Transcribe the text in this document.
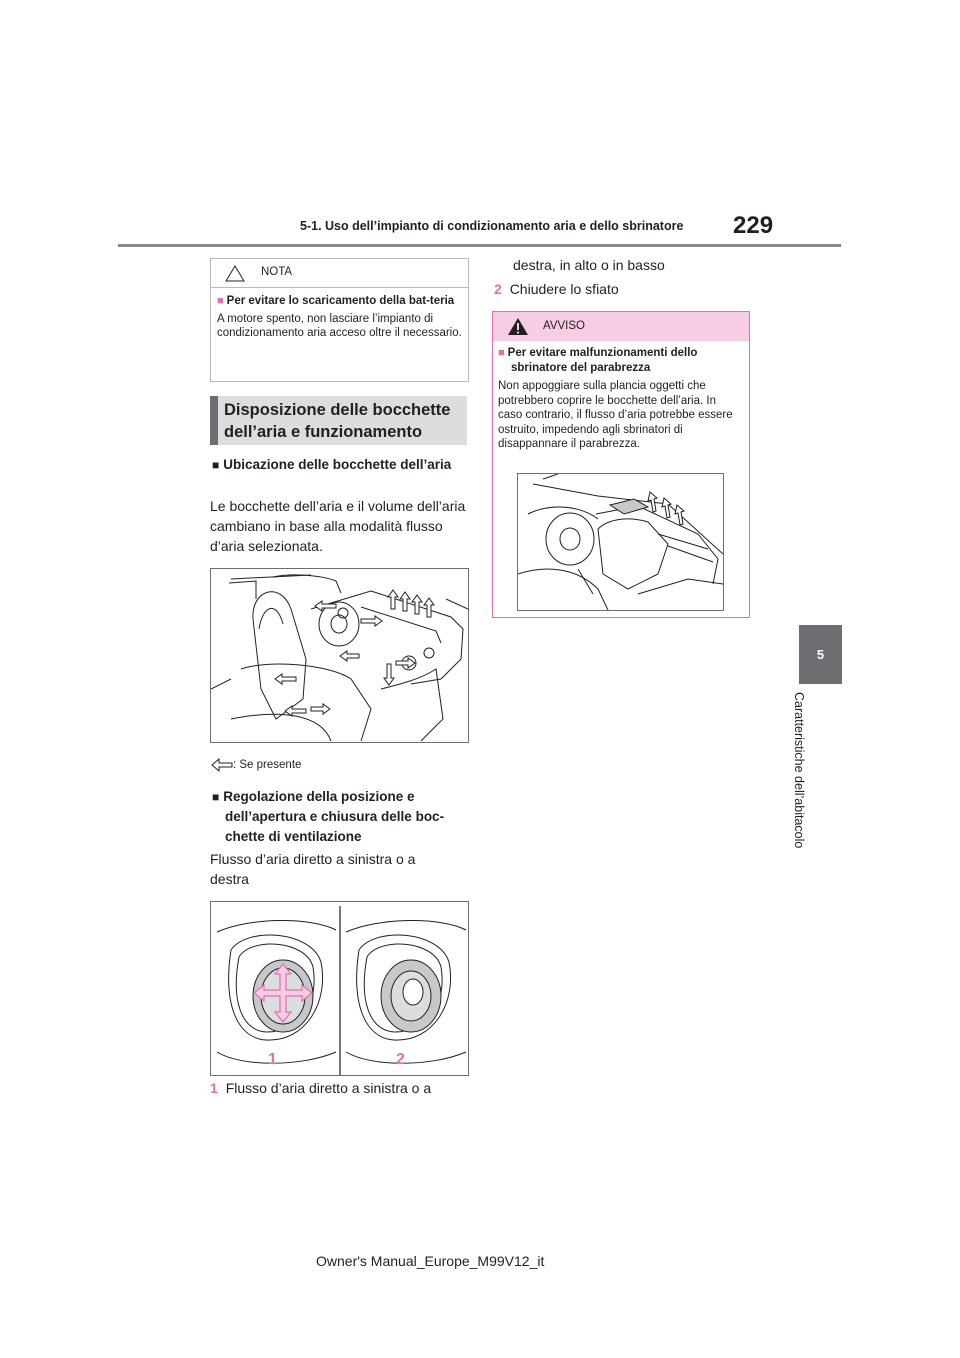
5-1. Uso dell’impianto di condizionamento aria e dello sbrinatore 229
5
Caratteristiche dell’abitacolo
NOTA
■ Per evitare lo scaricamento della bat-teria
A motore spento, non lasciare l’impianto di condizionamento aria acceso oltre il necessario.
Disposizione delle bocchette dell’aria e funzionamento
■ Ubicazione delle bocchette dell’aria
Le bocchette dell’aria e il volume dell’aria cambiano in base alla modalità flusso d’aria selezionata.
: Se presente
■ Regolazione della posizione e dell’apertura e chiusura delle boc-chette di ventilazione
Flusso d’aria diretto a sinistra o a destra
1	2
1 Flusso d’aria diretto a sinistra o a
destra, in alto o in basso
2 Chiudere lo sfiato
AVVISO
■ Per evitare malfunzionamenti dello sbrinatore del parabrezza
Non appoggiare sulla plancia oggetti che potrebbero coprire le bocchette dell’aria. In caso contrario, il flusso d’aria potrebbe essere ostruito, impedendo agli sbrinatori di disappannare il parabrezza.
Owner's Manual_Europe_M99V12_it
